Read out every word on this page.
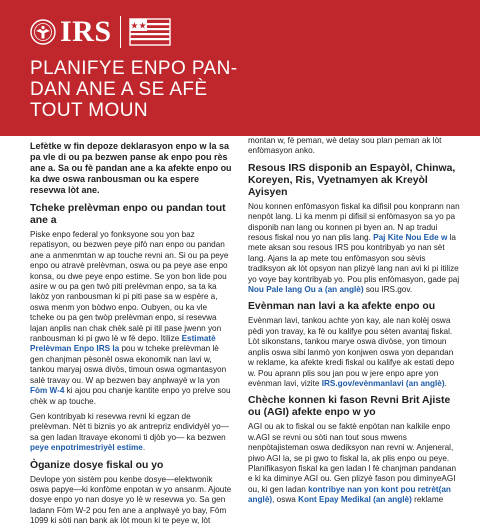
IRS ★★
PLANIFYE ENPO PAN-
DAN ANE A SE AFÈ
TOUT MOUN

Lefètke w fin depoze deklarasyon enpo w la sa pa vle di ou pa bezwen panse ak enpo pou rès ane a. Sa ou fè pandan ane a ka afekte enpo ou ka dwe oswa ranbousman ou ka espere resevwa lòt ane.

Tcheke prelèvman enpo ou pandan tout ane a

Piske enpo federal yo fonksyone sou yon baz repatisyon, ou bezwen peye pifò nan enpo ou pandan ane a anmenmtan w ap touche revni an. Si ou pa peye enpo ou atravè prelèvman, oswa ou pa peye ase enpo konsa, ou dwe peye enpo estime. Se yon bon lide pou asire w ou pa gen twò piti prelèvman enpo, sa ta ka lakòz yon ranbousman ki pi piti pase sa w espère a, oswa menm yon bòdwo enpo. Oubyen, ou ka vle tcheke ou pa gen twòp prelèvman enpo, si resevwa lajan anplis nan chak chèk salè pi itil pase jwenn yon ranbousman ki pi gwo lè w fè depo. Itilize Estimatè Prelèvman Enpo IRS la pou w tcheke prelèvman lè gen chanjman pèsonèl oswa ekonomik nan lavi w, tankou maryaj oswa divòs, timoun oswa ogmantasyon salè travay ou. W ap bezwen bay anplwayè w la yon Fòm W-4 ki ajou pou chanje kantite enpo yo prelve sou chèk w ap touche.

Gen kontribyab ki resevwa revni ki egzan de prelèvman. Nèt ti biznis yo ak antrepriz endividyèl yo—sa gen ladan ltravaye ekonomi ti djòb yo— ka bezwen peye enpotrimestriyèl estime.

Òganize dosye fiskal ou yo

Devlope yon sistèm pou kenbe dosye—elektwonik oswa papye—ki konfòme enpotan w yo ansanm. Ajoute dosye enpo yo nan dosye yo lè w resevwa yo. Sa gen ladann Fòm W-2 pou fen ane a anplwayè yo bay, Fòm 1099 ki sòti nan bank ak lòt moun ki te peye w, lòt

montan w, fè peman, wè detay sou plan peman ak lòt enfòmasyon anko.

Resous IRS disponib an Espayòl, Chinwa, Koreyen, Ris, Vyetnamyen ak Kreyòl Ayisyen

Nou konnen enfòmasyon fiskal ka difisil pou konprann nan nenpòt lang. Li ka menm pi difisil si enfòmasyon sa yo pa disponib nan lang ou konnen pi byen an. N ap tradui resous fiskal nou yo nan plis lang. Paj Kite Nou Ede w la mete aksan sou resous IRS pou kontribyab yo nan sèt lang. Ajans la ap mete tou enfòmasyon sou sèvis tradiksyon ak lòt opsyon nan plizyè lang nan avi ki pi itilize yo voye bay kontribyab yo. Pou plis enfòmasyon, gade paj Nou Pale lang Ou a (an anglè) sou IRS.gov.

Evènman nan lavi a ka afekte enpo ou

Evènman lavi, tankou achte yon kay, ale nan kolèj oswa pèdi yon travay, ka fè ou kalifye pou sèten avantaj fiskal. Lòt sikonstans, tankou marye oswa divòse, yon timoun anplis oswa sibi lanmò yon konjwen oswa yon depandan w reklame, ka afekte kredi fiskal ou kalifye ak estati depo w. Pou aprann plis sou jan pou w jere enpo apre yon evènman lavi, vizite IRS.gov/evènmanlavi (an anglè).

Chèche konnen ki fason Revni Brit Ajiste ou (AGI) afekte enpo w yo

AGI ou ak to fiskal ou se faktè enpòtan nan kalkile enpo w.AGI se revni ou sòti nan tout sous mwens nenpòtajisteman oswa dediksyon nan revni w. Anjeneral, piwo AGI la, se pi gwo to fiskal la, ak plis enpo ou peye. Planifikasyon fiskal ka gen ladan l fè chanjman pandanan e ki ka diminye AGI ou. Gen plizyè fason pou diminyeAGI ou, ki gen ladan kontribye nan yon kont pou retrèt(an anglè), oswa Kont Epay Medikal (an anglè) reklame
